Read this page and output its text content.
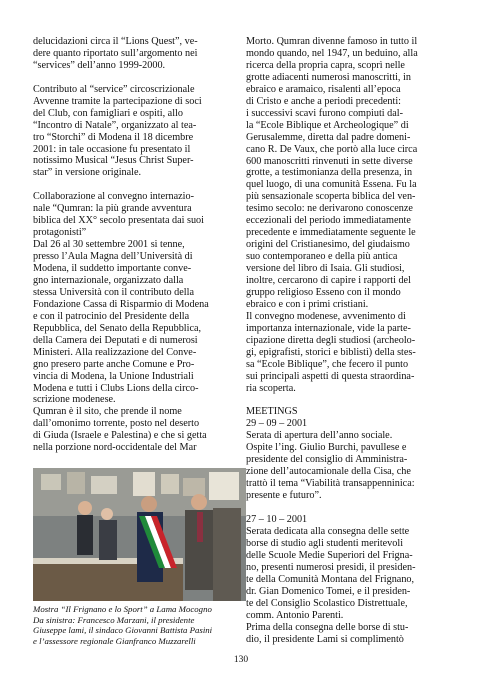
delucidazioni circa il “Lions Quest”, ve-
dere quanto riportato sull’argomento nei
“services” dell’anno 1999-2000.

Contributo al “service” circoscrizionale
Avvenne tramite la partecipazione di soci
del Club, con famigliari e ospiti, allo
“Incontro di Natale”, organizzato al tea-
tro “Storchi” di Modena il 18 dicembre
2001: in tale occasione fu presentato il
notissimo Musical “Jesus Christ Super-
star” in versione originale.

Collaborazione al convegno internazio-
nale “Qumran: la più grande avventura
biblica del XX° secolo presentata dai suoi
protagonisti”
Dal 26 al 30 settembre 2001 si tenne,
presso l’Aula Magna dell’Università di
Modena, il suddetto importante conve-
gno internazionale, organizzato dalla
stessa Università con il contributo della
Fondazione Cassa di Risparmio di Modena
e con il patrocinio del Presidente della
Repubblica, del Senato della Repubblica,
della Camera dei Deputati e di numerosi
Ministeri. Alla realizzazione del Conve-
gno presero parte anche Comune e Pro-
vincia di Modena, la Unione Industriali
Modena e tutti i Clubs Lions della circo-
scrizione modenese.
Qumran è il sito, che prende il nome
dall’omonimo torrente, posto nel deserto
di Giuda (Israele e Palestina) e che si getta
nella porzione nord-occidentale del Mar

Mostra “Il Frignano e lo Sport” a Lama Mocogno

Da sinistra: Francesco Marzani, il presidente

Giuseppe lami, il sindaco Giovanni Battista Pasini

e l’assessore regionale Gianfranco Muzzarelli

Morto. Qumran divenne famoso in tutto il
mondo quando, nel 1947, un beduino, alla
ricerca della propria capra, scoprì nelle
grotte adiacenti numerosi manoscritti, in
ebraico e aramaico, risalenti all’epoca
di Cristo e anche a periodi precedenti:
i successivi scavi furono compiuti dal-
la “Ecole Biblique et Archeologique” di
Gerusalemme, diretta dal padre domeni-
cano R. De Vaux, che portò alla luce circa
600 manoscritti rinvenuti in sette diverse
grotte, a testimonianza della presenza, in
quel luogo, di una comunità Essena. Fu la
più sensazionale scoperta biblica del ven-
tesimo secolo: ne derivarono conoscenze
eccezionali del periodo immediatamente
precedente e immediatamente seguente le
origini del Cristianesimo, del giudaismo
suo contemporaneo e della più antica
versione del libro di Isaia. Gli studiosi,
inoltre, cercarono di capire i rapporti del
gruppo religioso Esseno con il mondo
ebraico e con i primi cristiani.
Il convegno modenese, avvenimento di
importanza internazionale, vide la parte-
cipazione diretta degli studiosi (archeolo-
gi, epigrafisti, storici e biblisti) della stes-
sa “Ecole Biblique”, che fecero il punto
sui principali aspetti di questa straordina-
ria scoperta.

MEETINGS
29 – 09 – 2001
Serata di apertura dell’anno sociale.
Ospite l’ing. Giulio Burchi, pavullese e
presidente del consiglio di Amministra-
zione dell’autocamionale della Cisa, che
trattò il tema “Viabilità transappenninica:
presente e futuro”.

27 – 10 – 2001
Serata dedicata alla consegna delle sette
borse di studio agli studenti meritevoli
delle Scuole Medie Superiori del Frigna-
no, presenti numerosi presidi, il presiden-
te della Comunità Montana del Frignano,
dr. Gian Domenico Tomei, e il presiden-
te del Consiglio Scolastico Distrettuale,
comm. Antonio Parenti.
Prima della consegna delle borse di stu-
dio, il presidente Lami si complimentò

130
